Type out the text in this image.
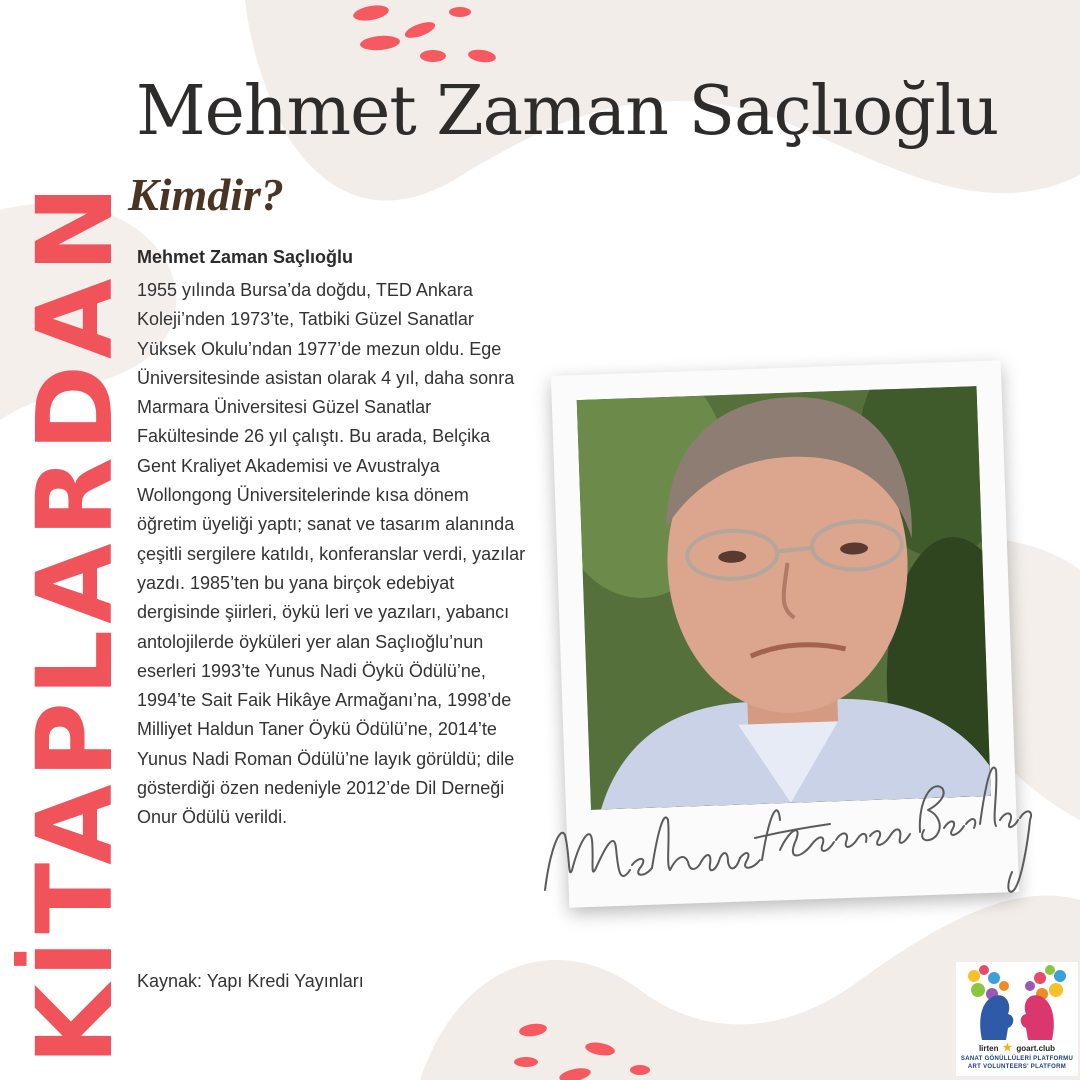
KİTAPLARDAN
Mehmet Zaman Saçlıoğlu
Kimdir?

Mehmet Zaman Saçlıoğlu

1955 yılında Bursa’da doğdu, TED Ankara Koleji’nden 1973’te, Tatbiki Güzel Sanatlar Yüksek Okulu’ndan 1977’de mezun oldu. Ege Üniversitesinde asistan olarak 4 yıl, daha sonra Marmara Üniversitesi Güzel Sanatlar Fakültesinde 26 yıl çalıştı. Bu arada, Belçika Gent Kraliyet Akademisi ve Avustralya Wollongong Üniversitelerinde kısa dönem öğretim üyeliği yaptı; sanat ve tasarım alanında çeşitli sergilere katıldı, konferanslar verdi, yazılar yazdı. 1985’ten bu yana birçok edebiyat dergisinde şiirleri, öykü leri ve yazıları, yabancı antolojilerde öyküleri yer alan Saçlıoğlu’nun eserleri 1993’te Yunus Nadi Öykü Ödülü’ne, 1994’te Sait Faik Hikâye Armağanı’na, 1998’de Milliyet Haldun Taner Öykü Ödülü’ne, 2014’te Yunus Nadi Roman Ödülü’ne layık görüldü; dile gösterdiği özen nedeniyle 2012’de Dil Derneği Onur Ödülü verildi.

Kaynak: Yapı Kredi Yayınları

lirten ★ goart.club
SANAT GÖNÜLLÜLERİ PLATFORMU
ART VOLUNTEERS' PLATFORM
